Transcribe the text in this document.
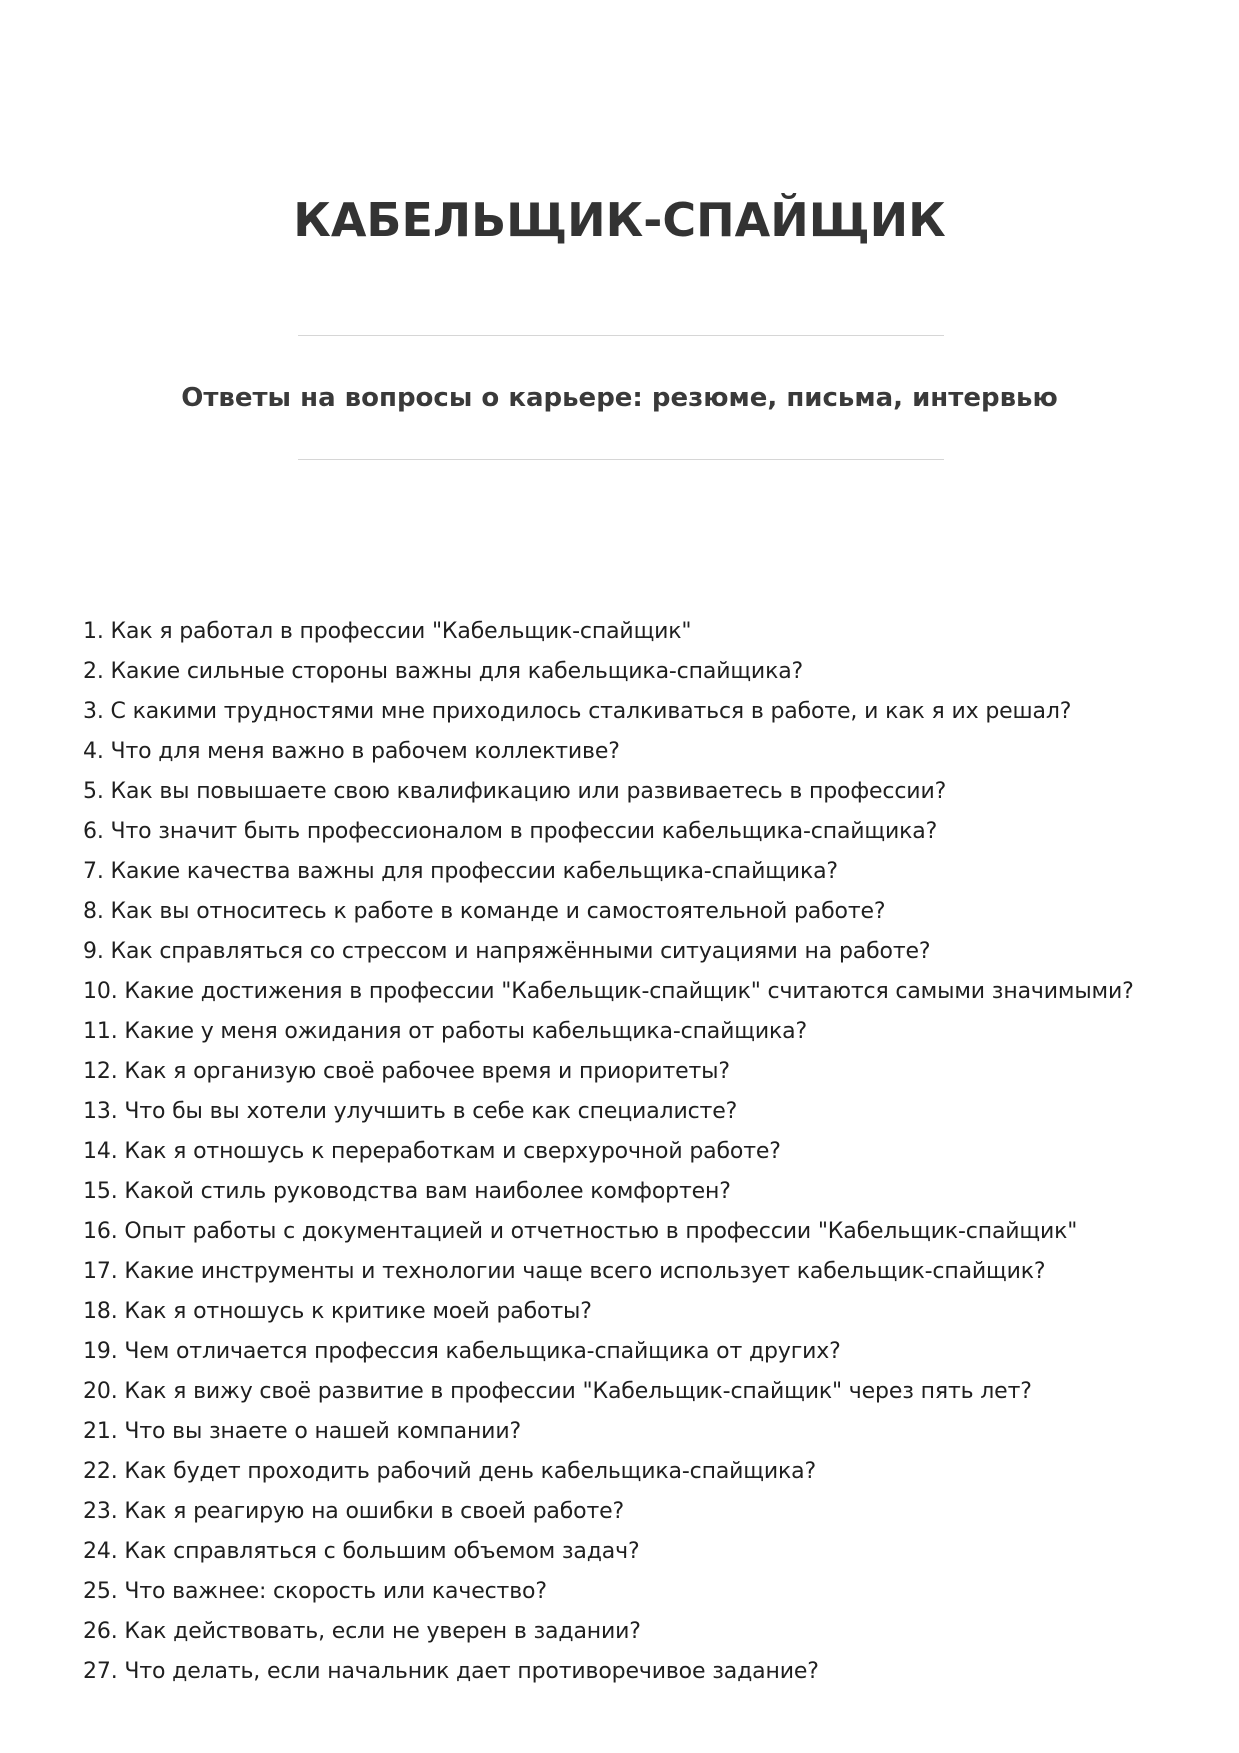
КАБЕЛЬЩИК-СПАЙЩИК
Ответы на вопросы о карьере: резюме, письма, интервью
1. Как я работал в профессии "Кабельщик-спайщик"
2. Какие сильные стороны важны для кабельщика-спайщика?
3. С какими трудностями мне приходилось сталкиваться в работе, и как я их решал?
4. Что для меня важно в рабочем коллективе?
5. Как вы повышаете свою квалификацию или развиваетесь в профессии?
6. Что значит быть профессионалом в профессии кабельщика-спайщика?
7. Какие качества важны для профессии кабельщика-спайщика?
8. Как вы относитесь к работе в команде и самостоятельной работе?
9. Как справляться со стрессом и напряжёнными ситуациями на работе?
10. Какие достижения в профессии "Кабельщик-спайщик" считаются самыми значимыми?
11. Какие у меня ожидания от работы кабельщика-спайщика?
12. Как я организую своё рабочее время и приоритеты?
13. Что бы вы хотели улучшить в себе как специалисте?
14. Как я отношусь к переработкам и сверхурочной работе?
15. Какой стиль руководства вам наиболее комфортен?
16. Опыт работы с документацией и отчетностью в профессии "Кабельщик-спайщик"
17. Какие инструменты и технологии чаще всего использует кабельщик-спайщик?
18. Как я отношусь к критике моей работы?
19. Чем отличается профессия кабельщика-спайщика от других?
20. Как я вижу своё развитие в профессии "Кабельщик-спайщик" через пять лет?
21. Что вы знаете о нашей компании?
22. Как будет проходить рабочий день кабельщика-спайщика?
23. Как я реагирую на ошибки в своей работе?
24. Как справляться с большим объемом задач?
25. Что важнее: скорость или качество?
26. Как действовать, если не уверен в задании?
27. Что делать, если начальник дает противоречивое задание?
